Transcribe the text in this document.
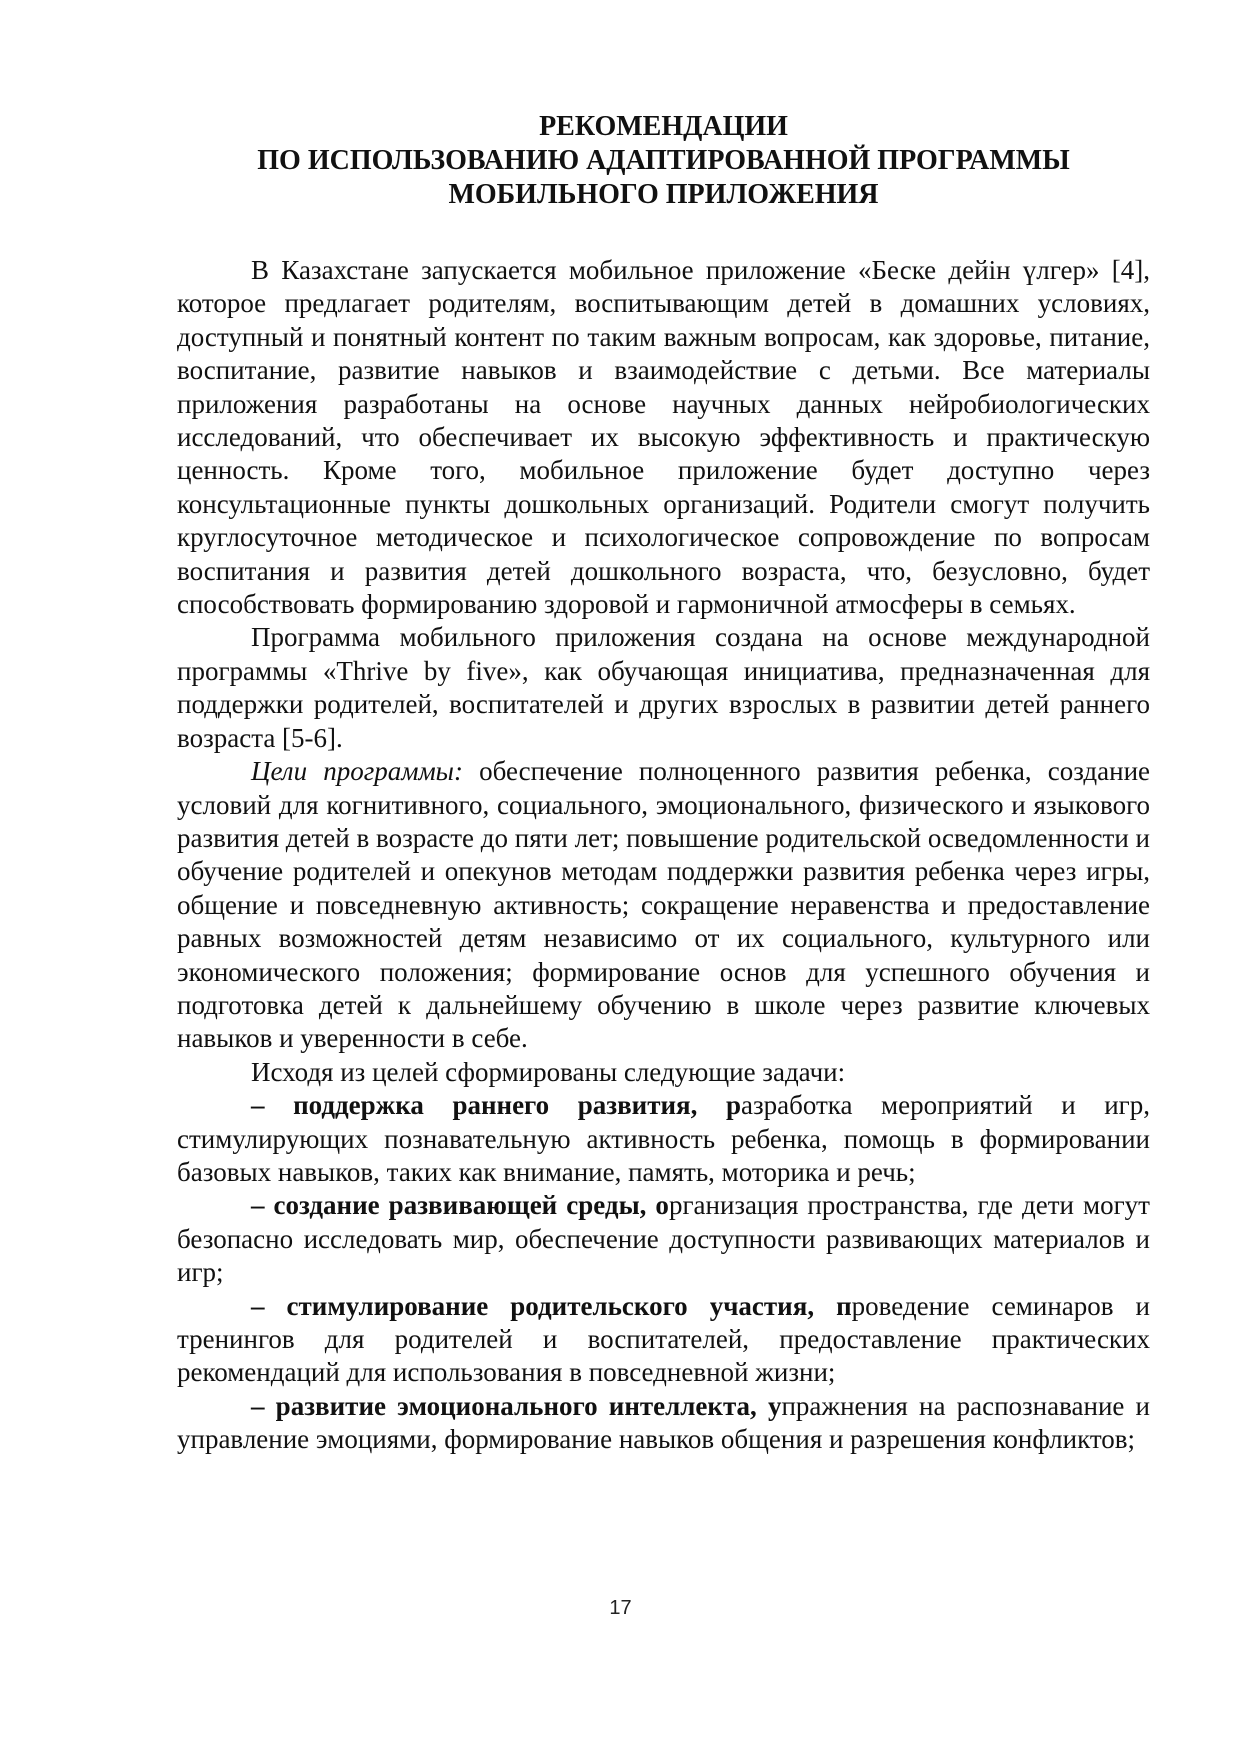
РЕКОМЕНДАЦИИ
ПО ИСПОЛЬЗОВАНИЮ АДАПТИРОВАННОЙ ПРОГРАММЫ
МОБИЛЬНОГО ПРИЛОЖЕНИЯ

В Казахстане запускается мобильное приложение «Беске дейін үлгер» [4], которое предлагает родителям, воспитывающим детей в домашних условиях, доступный и понятный контент по таким важным вопросам, как здоровье, питание, воспитание, развитие навыков и взаимодействие с детьми. Все материалы приложения разработаны на основе научных данных нейробиологических исследований, что обеспечивает их высокую эффективность и практическую ценность. Кроме того, мобильное приложение будет доступно через консультационные пункты дошкольных организаций. Родители смогут получить круглосуточное методическое и психологическое сопровождение по вопросам воспитания и развития детей дошкольного возраста, что, безусловно, будет способствовать формированию здоровой и гармоничной атмосферы в семьях.

Программа мобильного приложения создана на основе международной программы «Thrive by five», как обучающая инициатива, предназначенная для поддержки родителей, воспитателей и других взрослых в развитии детей раннего возраста [5-6].

Цели программы: обеспечение полноценного развития ребенка, создание условий для когнитивного, социального, эмоционального, физического и языкового развития детей в возрасте до пяти лет; повышение родительской осведомленности и обучение родителей и опекунов методам поддержки развития ребенка через игры, общение и повседневную активность; сокращение неравенства и предоставление равных возможностей детям независимо от их социального, культурного или экономического положения; формирование основ для успешного обучения и подготовка детей к дальнейшему обучению в школе через развитие ключевых навыков и уверенности в себе.

Исходя из целей сформированы следующие задачи:

– поддержка раннего развития, разработка мероприятий и игр, стимулирующих познавательную активность ребенка, помощь в формировании базовых навыков, таких как внимание, память, моторика и речь;

– создание развивающей среды, организация пространства, где дети могут безопасно исследовать мир, обеспечение доступности развивающих материалов и игр;

– стимулирование родительского участия, проведение семинаров и тренингов для родителей и воспитателей, предоставление практических рекомендаций для использования в повседневной жизни;

– развитие эмоционального интеллекта, упражнения на распознавание и управление эмоциями, формирование навыков общения и разрешения конфликтов;

17
